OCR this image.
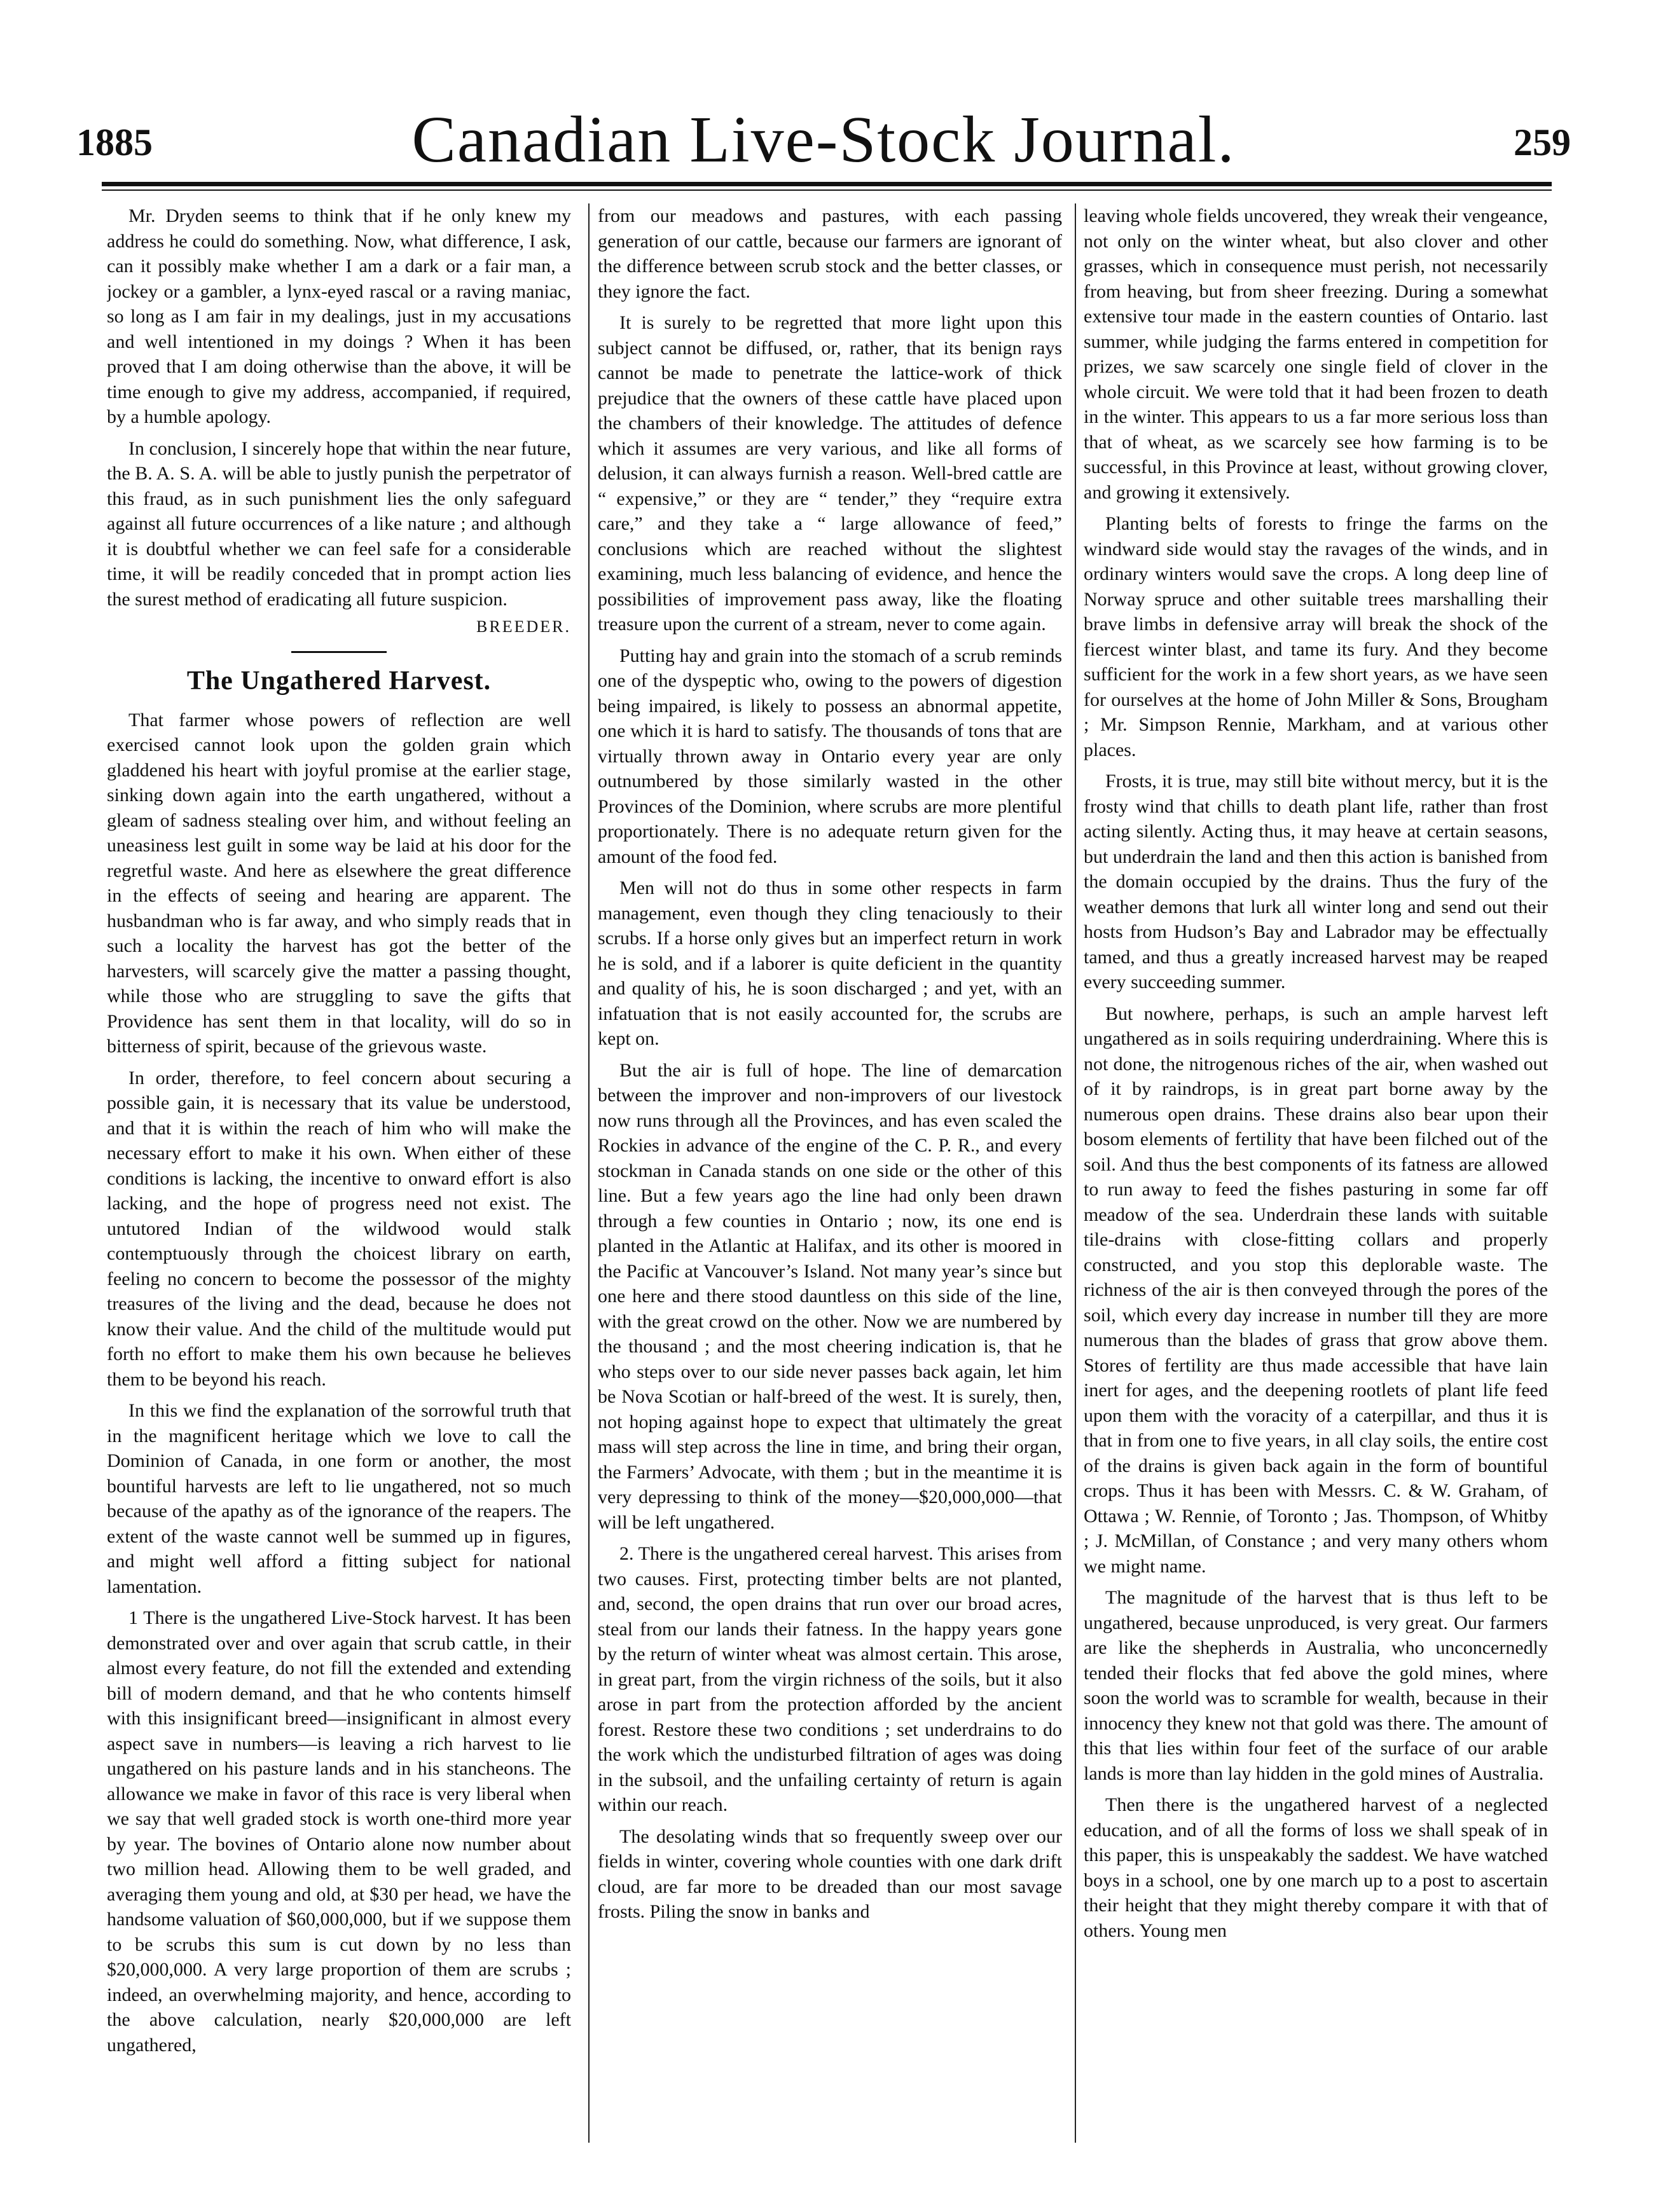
1885	Canadian Live-Stock Journal.	259

Mr. Dryden seems to think that if he only knew my address he could do something. Now, what difference, I ask, can it possibly make whether I am a dark or a fair man, a jockey or a gambler, a lynx-eyed rascal or a raving maniac, so long as I am fair in my dealings, just in my accusations and well intentioned in my doings ? When it has been proved that I am doing otherwise than the above, it will be time enough to give my address, accompanied, if required, by a humble apology.

In conclusion, I sincerely hope that within the near future, the B. A. S. A. will be able to justly punish the perpetrator of this fraud, as in such punishment lies the only safeguard against all future occurrences of a like nature ; and although it is doubtful whether we can feel safe for a considerable time, it will be readily conceded that in prompt action lies the surest method of eradicating all future suspicion.

BREEDER.
The Ungathered Harvest.

That farmer whose powers of reflection are well exercised cannot look upon the golden grain which gladdened his heart with joyful promise at the earlier stage, sinking down again into the earth ungathered, without a gleam of sadness stealing over him, and without feeling an uneasiness lest guilt in some way be laid at his door for the regretful waste. And here as elsewhere the great difference in the effects of seeing and hearing are apparent. The husbandman who is far away, and who simply reads that in such a locality the harvest has got the better of the harvesters, will scarcely give the matter a passing thought, while those who are struggling to save the gifts that Providence has sent them in that locality, will do so in bitterness of spirit, because of the grievous waste.

In order, therefore, to feel concern about securing a possible gain, it is necessary that its value be understood, and that it is within the reach of him who will make the necessary effort to make it his own. When either of these conditions is lacking, the incentive to onward effort is also lacking, and the hope of progress need not exist. The untutored Indian of the wildwood would stalk contemptuously through the choicest library on earth, feeling no concern to become the possessor of the mighty treasures of the living and the dead, because he does not know their value. And the child of the multitude would put forth no effort to make them his own because he believes them to be beyond his reach.

In this we find the explanation of the sorrowful truth that in the magnificent heritage which we love to call the Dominion of Canada, in one form or another, the most bountiful harvests are left to lie ungathered, not so much because of the apathy as of the ignorance of the reapers. The extent of the waste cannot well be summed up in figures, and might well afford a fitting subject for national lamentation.

1 There is the ungathered Live-Stock harvest. It has been demonstrated over and over again that scrub cattle, in their almost every feature, do not fill the extended and extending bill of modern demand, and that he who contents himself with this insignificant breed—insignificant in almost every aspect save in numbers—is leaving a rich harvest to lie ungathered on his pasture lands and in his stancheons. The allowance we make in favor of this race is very liberal when we say that well graded stock is worth one-third more year by year. The bovines of Ontario alone now number about two million head. Allowing them to be well graded, and averaging them young and old, at $30 per head, we have the handsome valuation of $60,000,000, but if we suppose them to be scrubs this sum is cut down by no less than $20,000,000. A very large proportion of them are scrubs ; indeed, an overwhelming majority, and hence, according to the above calculation, nearly $20,000,000 are left ungathered,

from our meadows and pastures, with each passing generation of our cattle, because our farmers are ignorant of the difference between scrub stock and the better classes, or they ignore the fact.

It is surely to be regretted that more light upon this subject cannot be diffused, or, rather, that its benign rays cannot be made to penetrate the lattice-work of thick prejudice that the owners of these cattle have placed upon the chambers of their knowledge. The attitudes of defence which it assumes are very various, and like all forms of delusion, it can always furnish a reason. Well-bred cattle are “ expensive,” or they are “ tender,” they “require extra care,” and they take a “ large allowance of feed,” conclusions which are reached without the slightest examining, much less balancing of evidence, and hence the possibilities of improvement pass away, like the floating treasure upon the current of a stream, never to come again.

Putting hay and grain into the stomach of a scrub reminds one of the dyspeptic who, owing to the powers of digestion being impaired, is likely to possess an abnormal appetite, one which it is hard to satisfy. The thousands of tons that are virtually thrown away in Ontario every year are only outnumbered by those similarly wasted in the other Provinces of the Dominion, where scrubs are more plentiful proportionately. There is no adequate return given for the amount of the food fed.

Men will not do thus in some other respects in farm management, even though they cling tenaciously to their scrubs. If a horse only gives but an imperfect return in work he is sold, and if a laborer is quite deficient in the quantity and quality of his, he is soon discharged ; and yet, with an infatuation that is not easily accounted for, the scrubs are kept on.

But the air is full of hope. The line of demarcation between the improver and non-improvers of our livestock now runs through all the Provinces, and has even scaled the Rockies in advance of the engine of the C. P. R., and every stockman in Canada stands on one side or the other of this line. But a few years ago the line had only been drawn through a few counties in Ontario ; now, its one end is planted in the Atlantic at Halifax, and its other is moored in the Pacific at Vancouver’s Island. Not many year’s since but one here and there stood dauntless on this side of the line, with the great crowd on the other. Now we are numbered by the thousand ; and the most cheering indication is, that he who steps over to our side never passes back again, let him be Nova Scotian or half-breed of the west. It is surely, then, not hoping against hope to expect that ultimately the great mass will step across the line in time, and bring their organ, the Farmers’ Advocate, with them ; but in the meantime it is very depressing to think of the money—$20,000,000—that will be left ungathered.

2. There is the ungathered cereal harvest. This arises from two causes. First, protecting timber belts are not planted, and, second, the open drains that run over our broad acres, steal from our lands their fatness. In the happy years gone by the return of winter wheat was almost certain. This arose, in great part, from the virgin richness of the soils, but it also arose in part from the protection afforded by the ancient forest. Restore these two conditions ; set underdrains to do the work which the undisturbed filtration of ages was doing in the subsoil, and the unfailing certainty of return is again within our reach.

The desolating winds that so frequently sweep over our fields in winter, covering whole counties with one dark drift cloud, are far more to be dreaded than our most savage frosts. Piling the snow in banks and

leaving whole fields uncovered, they wreak their vengeance, not only on the winter wheat, but also clover and other grasses, which in consequence must perish, not necessarily from heaving, but from sheer freezing. During a somewhat extensive tour made in the eastern counties of Ontario. last summer, while judging the farms entered in competition for prizes, we saw scarcely one single field of clover in the whole circuit. We were told that it had been frozen to death in the winter. This appears to us a far more serious loss than that of wheat, as we scarcely see how farming is to be successful, in this Province at least, without growing clover, and growing it extensively.

Planting belts of forests to fringe the farms on the windward side would stay the ravages of the winds, and in ordinary winters would save the crops. A long deep line of Norway spruce and other suitable trees marshalling their brave limbs in defensive array will break the shock of the fiercest winter blast, and tame its fury. And they become sufficient for the work in a few short years, as we have seen for ourselves at the home of John Miller & Sons, Brougham ; Mr. Simpson Rennie, Markham, and at various other places.

Frosts, it is true, may still bite without mercy, but it is the frosty wind that chills to death plant life, rather than frost acting silently. Acting thus, it may heave at certain seasons, but underdrain the land and then this action is banished from the domain occupied by the drains. Thus the fury of the weather demons that lurk all winter long and send out their hosts from Hudson’s Bay and Labrador may be effectually tamed, and thus a greatly increased harvest may be reaped every succeeding summer.

But nowhere, perhaps, is such an ample harvest left ungathered as in soils requiring underdraining. Where this is not done, the nitrogenous riches of the air, when washed out of it by raindrops, is in great part borne away by the numerous open drains. These drains also bear upon their bosom elements of fertility that have been filched out of the soil. And thus the best components of its fatness are allowed to run away to feed the fishes pasturing in some far off meadow of the sea. Underdrain these lands with suitable tile-drains with close-fitting collars and properly constructed, and you stop this deplorable waste. The richness of the air is then conveyed through the pores of the soil, which every day increase in number till they are more numerous than the blades of grass that grow above them. Stores of fertility are thus made accessible that have lain inert for ages, and the deepening rootlets of plant life feed upon them with the voracity of a caterpillar, and thus it is that in from one to five years, in all clay soils, the entire cost of the drains is given back again in the form of bountiful crops. Thus it has been with Messrs. C. & W. Graham, of Ottawa ; W. Rennie, of Toronto ; Jas. Thompson, of Whitby ; J. McMillan, of Constance ; and very many others whom we might name.

The magnitude of the harvest that is thus left to be ungathered, because unproduced, is very great. Our farmers are like the shepherds in Australia, who unconcernedly tended their flocks that fed above the gold mines, where soon the world was to scramble for wealth, because in their innocency they knew not that gold was there. The amount of this that lies within four feet of the surface of our arable lands is more than lay hidden in the gold mines of Australia.

Then there is the ungathered harvest of a neglected education, and of all the forms of loss we shall speak of in this paper, this is unspeakably the saddest. We have watched boys in a school, one by one march up to a post to ascertain their height that they might thereby compare it with that of others. Young men
